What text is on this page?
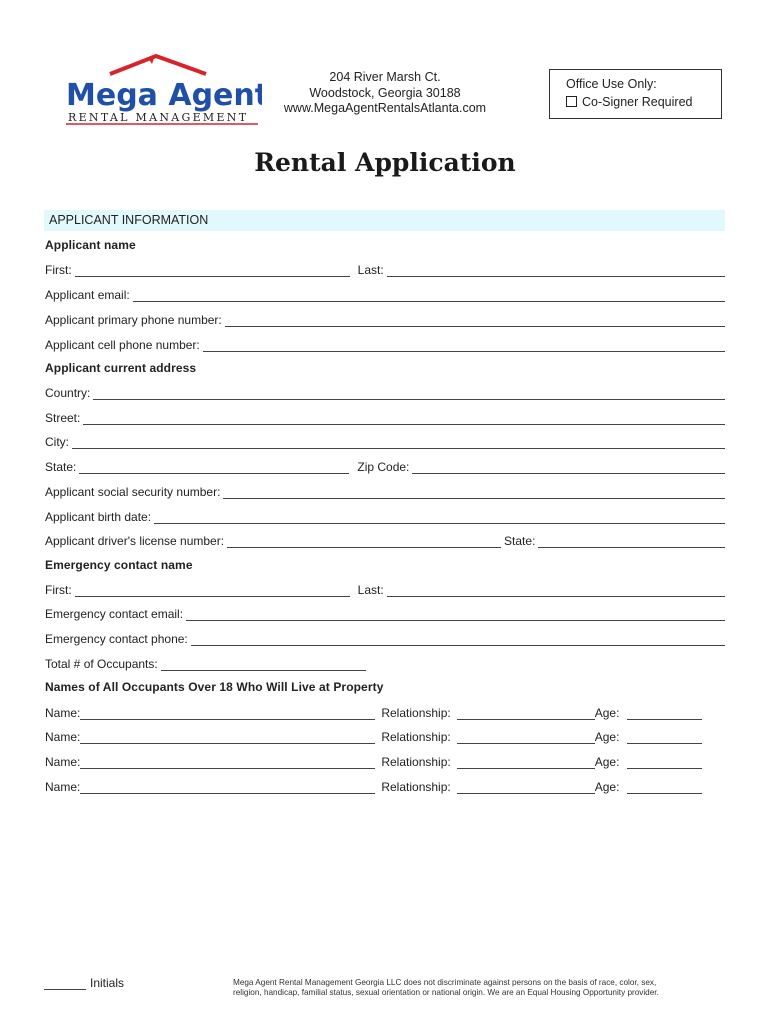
Mega Agent
RENTAL MANAGEMENT
204 River Marsh Ct.
Woodstock, Georgia 30188
www.MegaAgentRentalsAtlanta.com
Office Use Only:
Co-Signer Required
Rental Application
APPLICANT INFORMATION
Applicant name
First:	Last:
Applicant email:
Applicant primary phone number:
Applicant cell phone number:
Applicant current address
Country:
Street:
City:
State:	Zip Code:
Applicant social security number:
Applicant birth date:
Applicant driver's license number:	State:
Emergency contact name
First:	Last:
Emergency contact email:
Emergency contact phone:
Total # of Occupants:
Names of All Occupants Over 18 Who Will Live at Property
Name:	Relationship:	Age:
Name:	Relationship:	Age:
Name:	Relationship:	Age:
Name:	Relationship:	Age:
Initials	Mega Agent Rental Management Georgia LLC does not discriminate against persons on the basis of race, color, sex,
religion, handicap, familial status, sexual orientation or national origin. We are an Equal Housing Opportunity provider.
